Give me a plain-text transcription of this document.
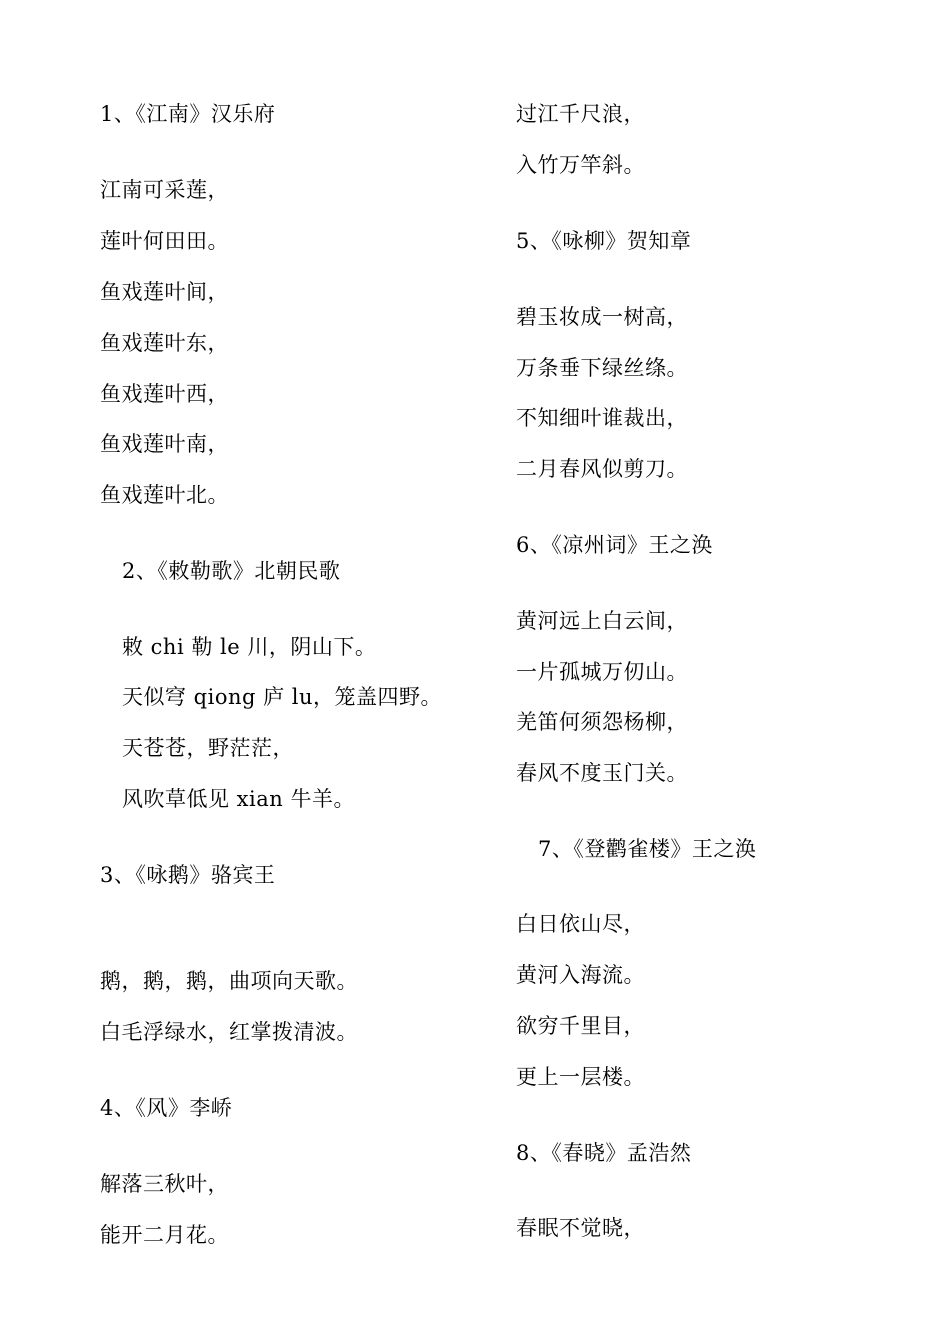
1、《江南》汉乐府
江南可采莲，
莲叶何田田。
鱼戏莲叶间，
鱼戏莲叶东，
鱼戏莲叶西，
鱼戏莲叶南，
鱼戏莲叶北。
2、《敕勒歌》北朝民歌
敕 chi 勒 le 川，阴山下。
天似穹 qiong 庐 lu，笼盖四野。
天苍苍，野茫茫，
风吹草低见 xian 牛羊。
3、《咏鹅》骆宾王
鹅，鹅，鹅，曲项向天歌。
白毛浮绿水，红掌拨清波。
4、《风》李峤
解落三秋叶，
能开二月花。
过江千尺浪，
入竹万竿斜。
5、《咏柳》贺知章
碧玉妆成一树高，
万条垂下绿丝绦。
不知细叶谁裁出，
二月春风似剪刀。
6、《凉州词》王之涣
黄河远上白云间，
一片孤城万仞山。
羌笛何须怨杨柳，
春风不度玉门关。
7、《登鹳雀楼》王之涣
白日依山尽，
黄河入海流。
欲穷千里目，
更上一层楼。
8、《春晓》孟浩然
春眠不觉晓，
